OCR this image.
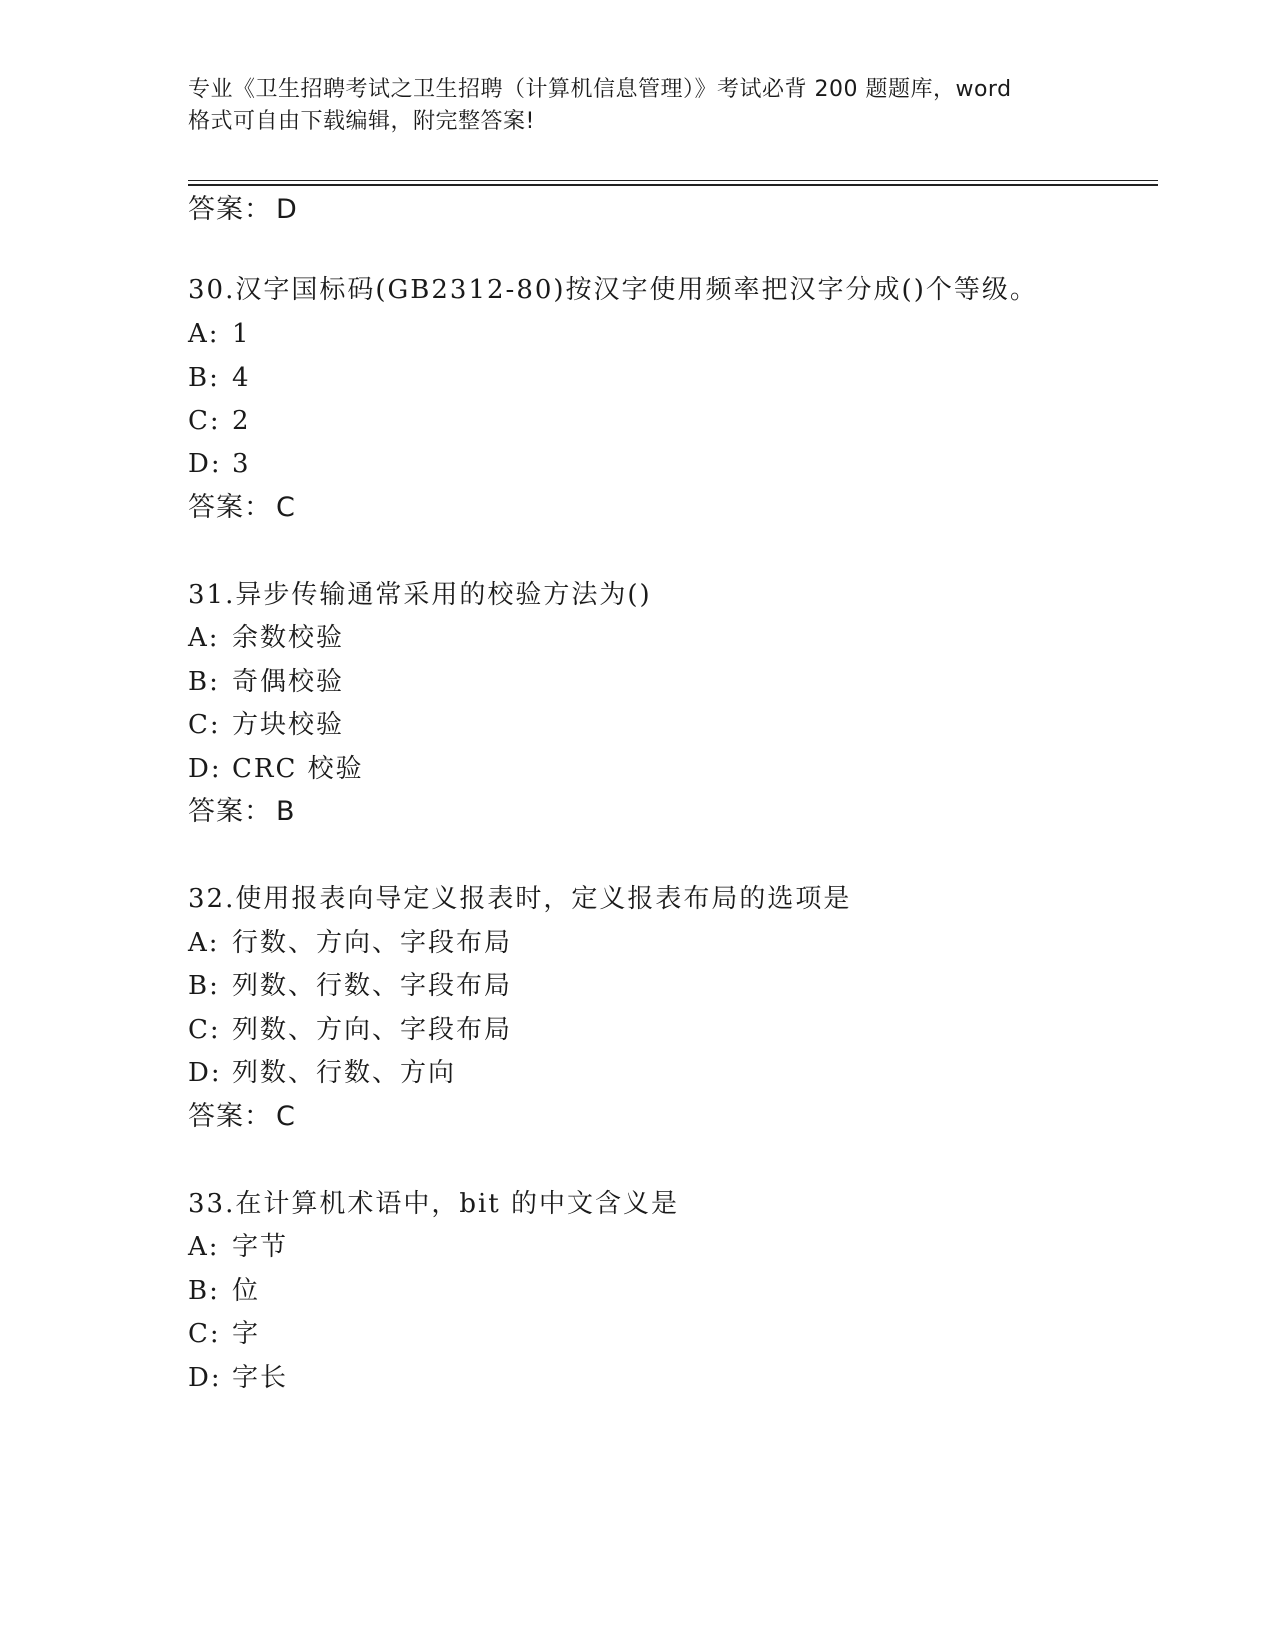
专业《卫生招聘考试之卫生招聘（计算机信息管理）》考试必背 200 题题库，word
格式可自由下载编辑，附完整答案!
答案： D
30.汉字国标码(GB2312-80)按汉字使用频率把汉字分成()个等级。
A: 1
B: 4
C: 2
D: 3
答案： C
31.异步传输通常采用的校验方法为()
A: 余数校验
B: 奇偶校验
C: 方块校验
D: CRC 校验
答案： B
32.使用报表向导定义报表时，定义报表布局的选项是
A: 行数、方向、字段布局
B: 列数、行数、字段布局
C: 列数、方向、字段布局
D: 列数、行数、方向
答案： C
33.在计算机术语中，bit 的中文含义是
A: 字节
B: 位
C: 字
D: 字长
